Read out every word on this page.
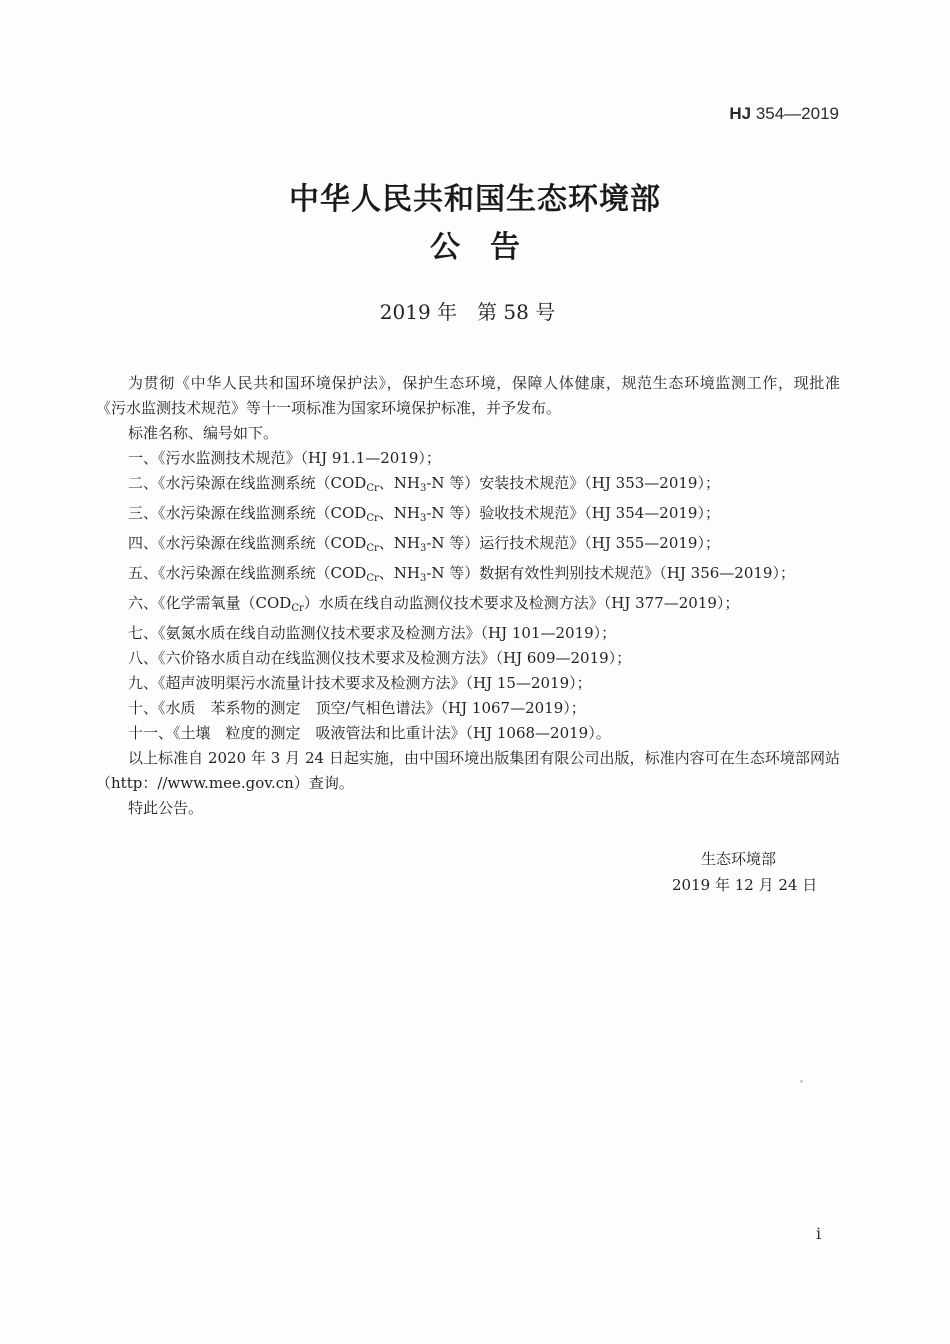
HJ 354—2019
中华人民共和国生态环境部
公告
2019 年　 第 58 号

为贯彻《中华人民共和国环境保护法》，保护生态环境，保障人体健康，规范生态环境监测工作，现批准《污水监测技术规范》等十一项标准为国家环境保护标准，并予发布。

标准名称、编号如下。

一、《污水监测技术规范》（HJ 91.1—2019）；

二、《水污染源在线监测系统（$COD_{Cr}$、$NH_3-N$ 等）安装技术规范》（HJ 353—2019）；

三、《水污染源在线监测系统（$COD_{Cr}$、$NH_3-N$ 等）验收技术规范》（HJ 354—2019）；

四、《水污染源在线监测系统（$COD_{Cr}$、$NH_3-N$ 等）运行技术规范》（HJ 355—2019）；

五、《水污染源在线监测系统（$COD_{Cr}$、$NH_3-N$ 等）数据有效性判别技术规范》（HJ 356—2019）；

六、《化学需氧量$(COD_{Cr})$水质在线自动监测仪技术要求及检测方法》（HJ 377—2019）；

七、《氨氮水质在线自动监测仪技术要求及检测方法》（HJ 101—2019）；

八、《六价铬水质自动在线监测仪技术要求及检测方法》（HJ 609—2019）；

九、《超声波明渠污水流量计技术要求及检测方法》（HJ 15—2019）；

十、《水质　苯系物的测定　顶空/气相色谱法》（HJ 1067—2019）；

十一、《土壤　粒度的测定　吸液管法和比重计法》（HJ 1068—2019）。

以上标准自 2020 年 3 月 24 日起实施，由中国环境出版集团有限公司出版，标准内容可在生态环境部网站（http：//www.mee.gov.cn）查询。

特此公告。

生态环境部
2019 年 12 月 24 日
i
